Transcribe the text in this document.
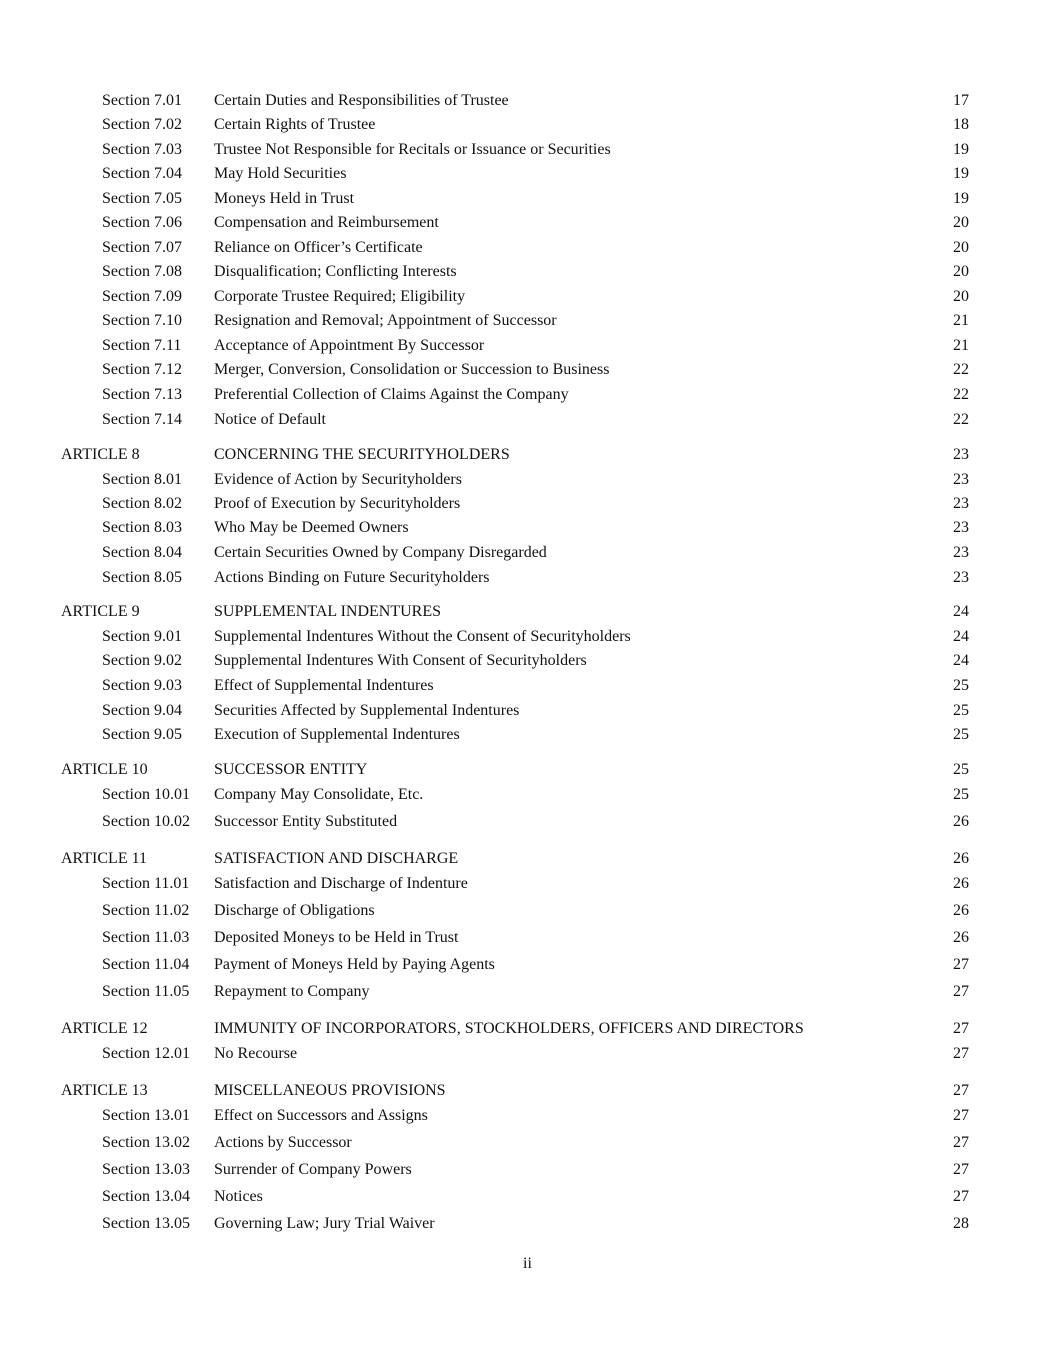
Section 7.01 Certain Duties and Responsibilities of Trustee	17
Section 7.02 Certain Rights of Trustee	18
Section 7.03 Trustee Not Responsible for Recitals or Issuance or Securities	19
Section 7.04 May Hold Securities	19
Section 7.05 Moneys Held in Trust	19
Section 7.06 Compensation and Reimbursement	20
Section 7.07 Reliance on Officer’s Certificate	20
Section 7.08 Disqualification; Conflicting Interests	20
Section 7.09 Corporate Trustee Required; Eligibility	20
Section 7.10 Resignation and Removal; Appointment of Successor	21
Section 7.11 Acceptance of Appointment By Successor	21
Section 7.12 Merger, Conversion, Consolidation or Succession to Business	22
Section 7.13 Preferential Collection of Claims Against the Company	22
Section 7.14 Notice of Default	22
ARTICLE 8	CONCERNING THE SECURITYHOLDERS	23
Section 8.01 Evidence of Action by Securityholders	23
Section 8.02 Proof of Execution by Securityholders	23
Section 8.03 Who May be Deemed Owners	23
Section 8.04 Certain Securities Owned by Company Disregarded	23
Section 8.05 Actions Binding on Future Securityholders	23
ARTICLE 9	SUPPLEMENTAL INDENTURES	24
Section 9.01 Supplemental Indentures Without the Consent of Securityholders	24
Section 9.02 Supplemental Indentures With Consent of Securityholders	24
Section 9.03 Effect of Supplemental Indentures	25
Section 9.04 Securities Affected by Supplemental Indentures	25
Section 9.05 Execution of Supplemental Indentures	25
ARTICLE 10	SUCCESSOR ENTITY	25
Section 10.01 Company May Consolidate, Etc.	25
Section 10.02 Successor Entity Substituted	26
ARTICLE 11	SATISFACTION AND DISCHARGE	26
Section 11.01 Satisfaction and Discharge of Indenture	26
Section 11.02 Discharge of Obligations	26
Section 11.03 Deposited Moneys to be Held in Trust	26
Section 11.04 Payment of Moneys Held by Paying Agents	27
Section 11.05 Repayment to Company	27
ARTICLE 12	IMMUNITY OF INCORPORATORS, STOCKHOLDERS, OFFICERS AND DIRECTORS	27
Section 12.01 No Recourse	27
ARTICLE 13	MISCELLANEOUS PROVISIONS	27
Section 13.01 Effect on Successors and Assigns	27
Section 13.02 Actions by Successor	27
Section 13.03 Surrender of Company Powers	27
Section 13.04 Notices	27
Section 13.05 Governing Law; Jury Trial Waiver	28
ii
